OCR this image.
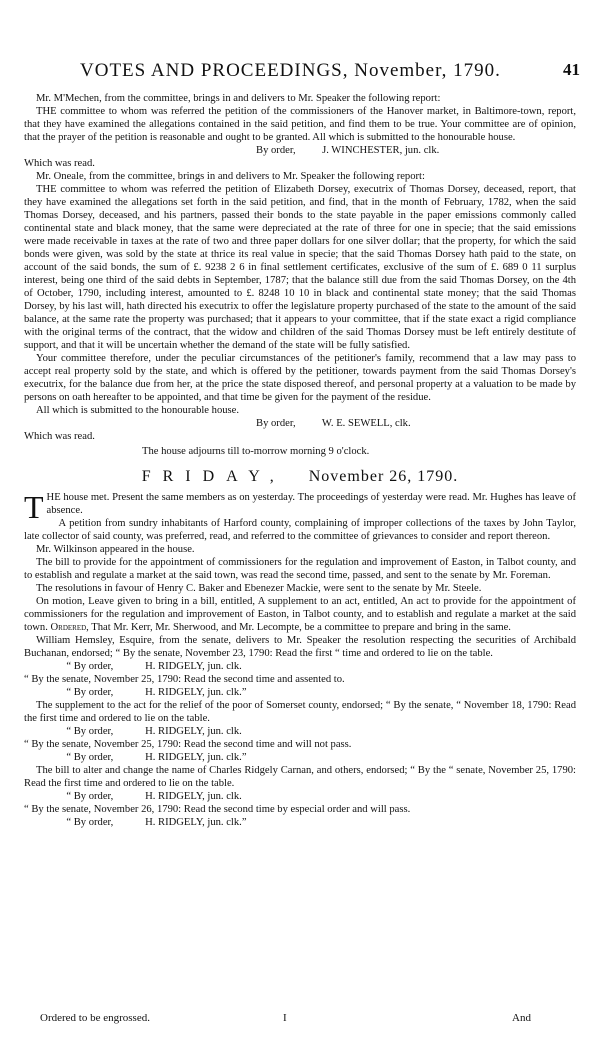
VOTES AND PROCEEDINGS, November, 1790.	41

Mr. M'Mechen, from the committee, brings in and delivers to Mr. Speaker the following report:

THE committee to whom was referred the petition of the commissioners of the Hanover market, in Baltimore-town, report, that they have examined the allegations contained in the said petition, and find them to be true. Your committee are of opinion, that the prayer of the petition is reasonable and ought to be granted. All which is submitted to the honourable house.

By order,          J. WINCHESTER, jun. clk.

Which was read.

Mr. Oneale, from the committee, brings in and delivers to Mr. Speaker the following report:

THE committee to whom was referred the petition of Elizabeth Dorsey, executrix of Thomas Dorsey, deceased, report, that they have examined the allegations set forth in the said petition, and find, that in the month of February, 1782, when the said Thomas Dorsey, deceased, and his partners, passed their bonds to the state payable in the paper emissions commonly called continental state and black money, that the same were depreciated at the rate of three for one in specie; that the said emissions were made receivable in taxes at the rate of two and three paper dollars for one silver dollar; that the property, for which the said bonds were given, was sold by the state at thrice its real value in specie; that the said Thomas Dorsey hath paid to the state, on account of the said bonds, the sum of £. 9238 2 6 in final settlement certificates, exclusive of the sum of £. 689 0 11 surplus interest, being one third of the said debts in September, 1787; that the balance still due from the said Thomas Dorsey, on the 4th of October, 1790, including interest, amounted to £. 8248 10 10 in black and continental state money; that the said Thomas Dorsey, by his last will, hath directed his executrix to offer the legislature property purchased of the state to the amount of the said balance, at the same rate the property was purchased; that it appears to your committee, that if the state exact a rigid compliance with the original terms of the contract, that the widow and children of the said Thomas Dorsey must be left entirely destitute of support, and that it will be uncertain whether the demand of the state will be fully satisfied.

Your committee therefore, under the peculiar circumstances of the petitioner's family, recommend that a law may pass to accept real property sold by the state, and which is offered by the petitioner, towards payment from the said Thomas Dorsey's executrix, for the balance due from her, at the price the state disposed thereof, and personal property at a valuation to be made by persons on oath hereafter to be appointed, and that time be given for the payment of the residue.

All which is submitted to the honourable house.

By order,          W. E. SEWELL, clk.

Which was read.

The house adjourns till to-morrow morning 9 o'clock.

FRIDAY, November 26, 1790.

T HE house met. Present the same members as on yesterday. The proceedings of yesterday were read. Mr. Hughes has leave of absence.

A petition from sundry inhabitants of Harford county, complaining of improper collections of the taxes by John Taylor, late collector of said county, was preferred, read, and referred to the committee of grievances to consider and report thereon.

Mr. Wilkinson appeared in the house.

The bill to provide for the appointment of commissioners for the regulation and improvement of Easton, in Talbot county, and to establish and regulate a market at the said town, was read the second time, passed, and sent to the senate by Mr. Foreman.

The resolutions in favour of Henry C. Baker and Ebenezer Mackie, were sent to the senate by Mr. Steele.

On motion, Leave given to bring in a bill, entitled, A supplement to an act, entitled, An act to provide for the appointment of commissioners for the regulation and improvement of Easton, in Talbot county, and to establish and regulate a market at the said town. Ordered, That Mr. Kerr, Mr. Sherwood, and Mr. Lecompte, be a committee to prepare and bring in the same.

William Hemsley, Esquire, from the senate, delivers to Mr. Speaker the resolution respecting the securities of Archibald Buchanan, endorsed; “ By the senate, November 23, 1790: Read the first “ time and ordered to lie on the table.

“ By order,            H. RIDGELY, jun. clk.

“ By the senate, November 25, 1790: Read the second time and assented to.

“ By order,            H. RIDGELY, jun. clk.”

The supplement to the act for the relief of the poor of Somerset county, endorsed; “ By the senate, “ November 18, 1790: Read the first time and ordered to lie on the table.

“ By order,            H. RIDGELY, jun. clk.

“ By the senate, November 25, 1790: Read the second time and will not pass.

“ By order,            H. RIDGELY, jun. clk.”

The bill to alter and change the name of Charles Ridgely Carnan, and others, endorsed; “ By the “ senate, November 25, 1790: Read the first time and ordered to lie on the table.

“ By order,            H. RIDGELY, jun. clk.

“ By the senate, November 26, 1790: Read the second time by especial order and will pass.

“ By order,            H. RIDGELY, jun. clk.”

Ordered to be engrossed.	I	And
